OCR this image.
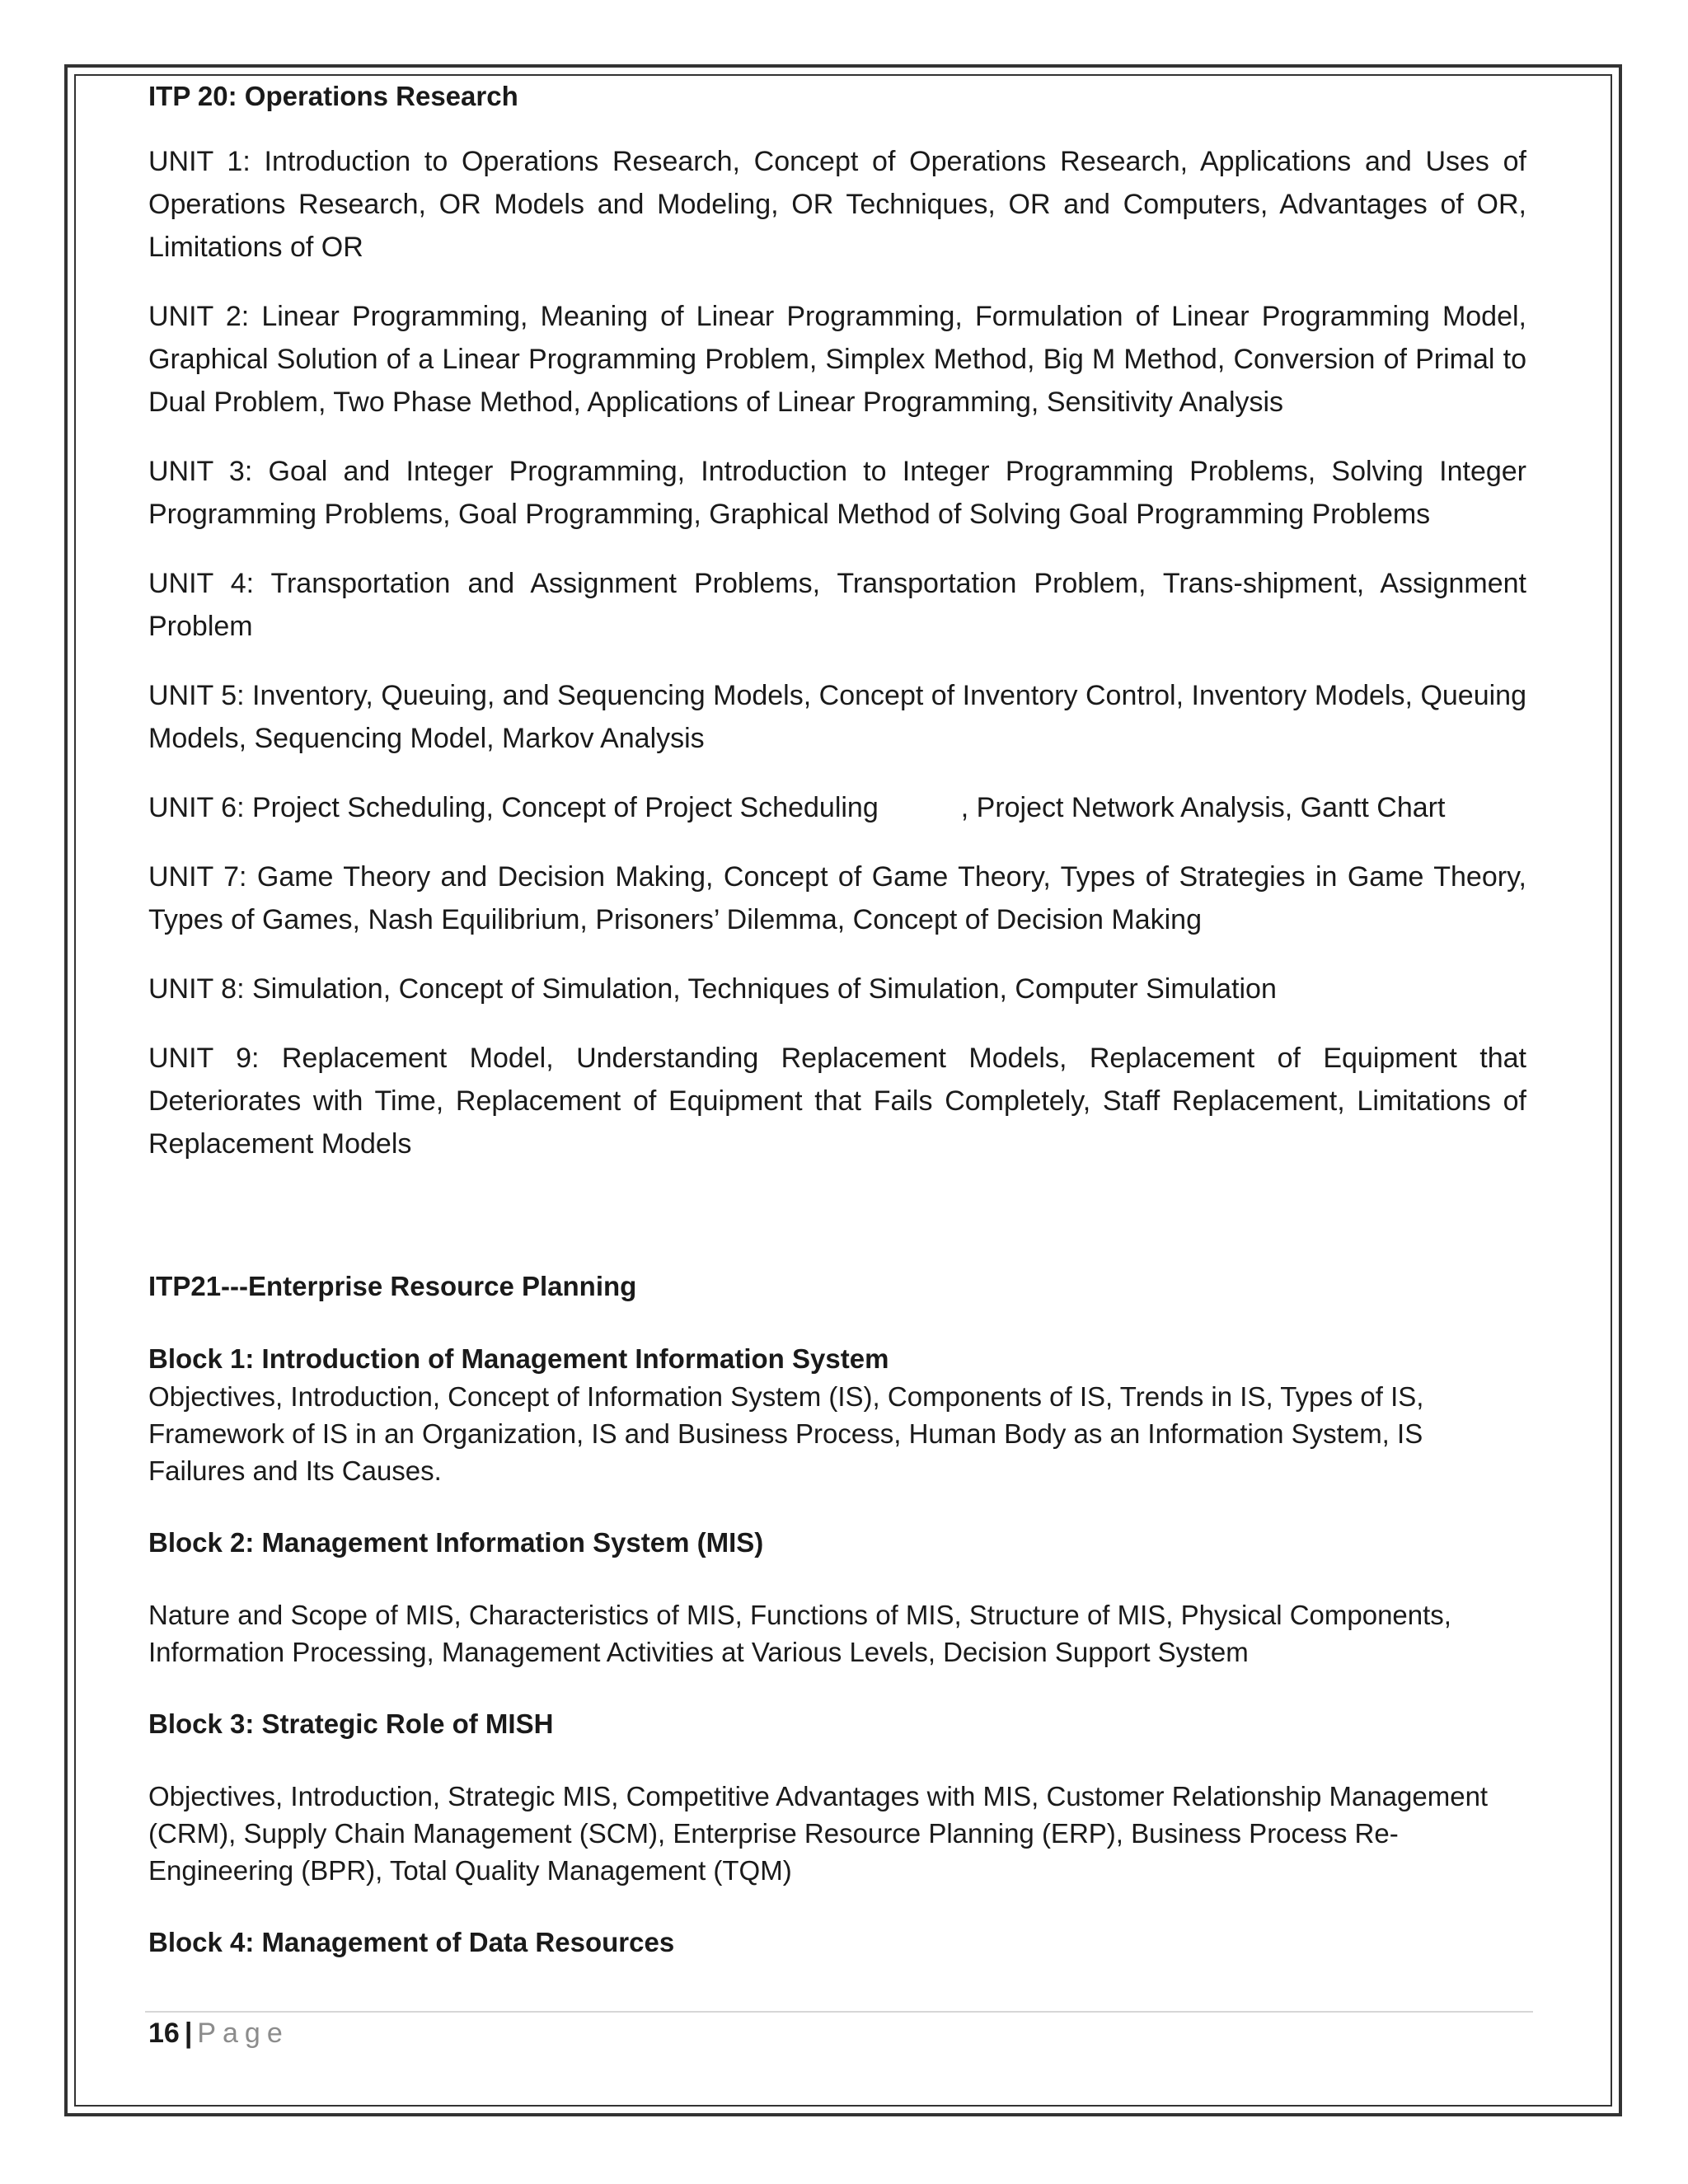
ITP 20: Operations Research

UNIT 1: Introduction to Operations Research, Concept of Operations Research, Applications and Uses of Operations Research, OR Models and Modeling, OR Techniques, OR and Computers, Advantages of OR, Limitations of OR

UNIT 2: Linear Programming, Meaning of Linear Programming, Formulation of Linear Programming Model, Graphical Solution of a Linear Programming Problem, Simplex Method, Big M Method, Conversion of Primal to Dual Problem, Two Phase Method, Applications of Linear Programming, Sensitivity Analysis

UNIT 3: Goal and Integer Programming, Introduction to Integer Programming Problems, Solving Integer Programming Problems, Goal Programming, Graphical Method of Solving Goal Programming Problems

UNIT 4: Transportation and Assignment Problems, Transportation Problem, Trans-shipment, Assignment Problem

UNIT 5: Inventory, Queuing, and Sequencing Models, Concept of Inventory Control, Inventory Models, Queuing Models, Sequencing Model, Markov Analysis

UNIT 6: Project Scheduling, Concept of Project Scheduling	, Project Network Analysis, Gantt Chart

UNIT 7: Game Theory and Decision Making, Concept of Game Theory, Types of Strategies in Game Theory, Types of Games, Nash Equilibrium, Prisoners’ Dilemma, Concept of Decision Making

UNIT 8: Simulation, Concept of Simulation, Techniques of Simulation, Computer Simulation

UNIT 9: Replacement Model, Understanding Replacement Models, Replacement of Equipment that Deteriorates with Time, Replacement of Equipment that Fails Completely, Staff Replacement, Limitations of Replacement Models

ITP21---Enterprise Resource Planning

Block 1: Introduction of Management Information System

Objectives, Introduction, Concept of Information System (IS), Components of IS, Trends in IS, Types of IS, Framework of IS in an Organization, IS and Business Process, Human Body as an Information System, IS Failures and Its Causes.

Block 2: Management Information System (MIS)

Nature and Scope of MIS, Characteristics of MIS, Functions of MIS, Structure of MIS, Physical Components, Information Processing, Management Activities at Various Levels, Decision Support System

Block 3: Strategic Role of MISH

Objectives, Introduction, Strategic MIS, Competitive Advantages with MIS, Customer Relationship Management (CRM), Supply Chain Management (SCM), Enterprise Resource Planning (ERP), Business Process Re-Engineering (BPR), Total Quality Management (TQM)

Block 4: Management of Data Resources

16 | Page
